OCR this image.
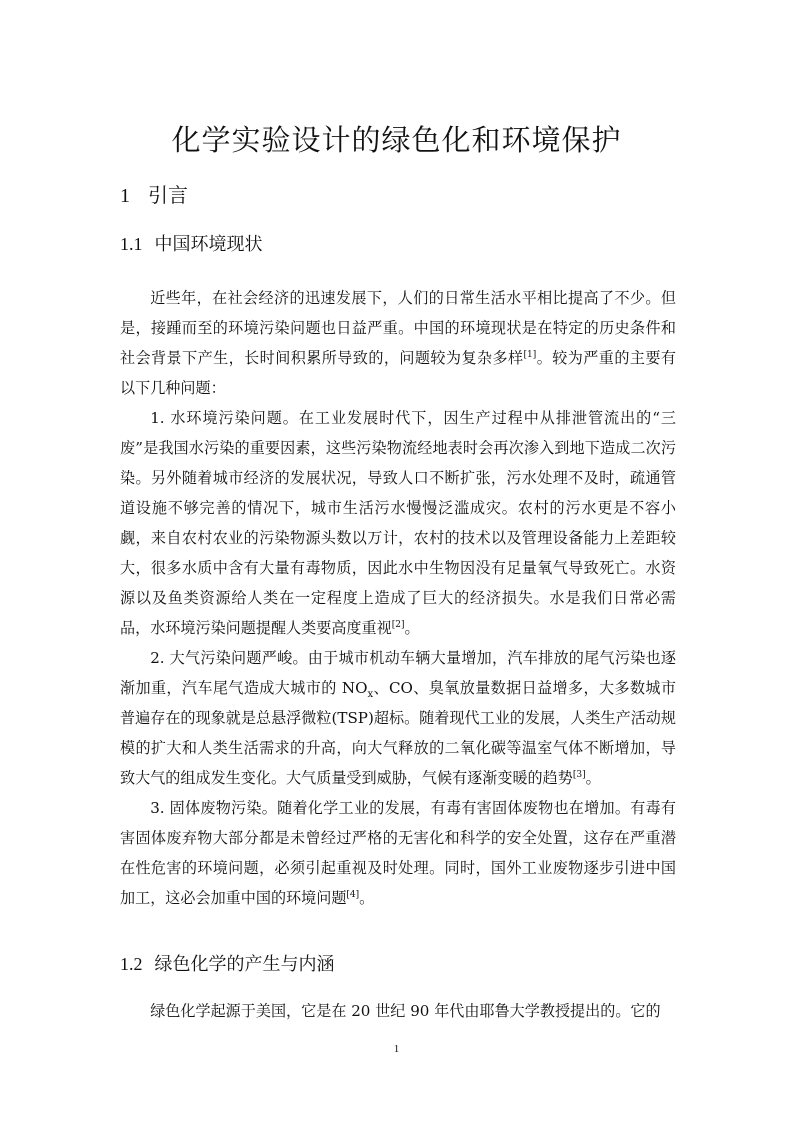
化学实验设计的绿色化和环境保护
1 引言
1.1 中国环境现状

近些年，在社会经济的迅速发展下，人们的日常生活水平相比提高了不少。但是，接踵而至的环境污染问题也日益严重。中国的环境现状是在特定的历史条件和社会背景下产生，长时间积累所导致的，问题较为复杂多样[1]。较为严重的主要有以下几种问题：

1. 水环境污染问题。在工业发展时代下，因生产过程中从排泄管流出的“三废”是我国水污染的重要因素，这些污染物流经地表时会再次渗入到地下造成二次污染。另外随着城市经济的发展状况，导致人口不断扩张，污水处理不及时，疏通管道设施不够完善的情况下，城市生活污水慢慢泛滥成灾。农村的污水更是不容小觑，来自农村农业的污染物源头数以万计，农村的技术以及管理设备能力上差距较大，很多水质中含有大量有毒物质，因此水中生物因没有足量氧气导致死亡。水资源以及鱼类资源给人类在一定程度上造成了巨大的经济损失。水是我们日常必需品，水环境污染问题提醒人类要高度重视[2]。

2. 大气污染问题严峻。由于城市机动车辆大量增加，汽车排放的尾气污染也逐渐加重，汽车尾气造成大城市的 $NO_x$、CO、臭氧放量数据日益增多，大多数城市普遍存在的现象就是总悬浮微粒(TSP)超标。随着现代工业的发展，人类生产活动规模的扩大和人类生活需求的升高，向大气释放的二氧化碳等温室气体不断增加，导致大气的组成发生变化。大气质量受到威胁，气候有逐渐变暖的趋势[3]。

3. 固体废物污染。随着化学工业的发展，有毒有害固体废物也在增加。有毒有害固体废弃物大部分都是未曾经过严格的无害化和科学的安全处置，这存在严重潜在性危害的环境问题，必须引起重视及时处理。同时，国外工业废物逐步引进中国加工，这必会加重中国的环境问题[4]。

1.2 绿色化学的产生与内涵

绿色化学起源于美国，它是在 20 世纪 90 年代由耶鲁大学教授提出的。它的

1
